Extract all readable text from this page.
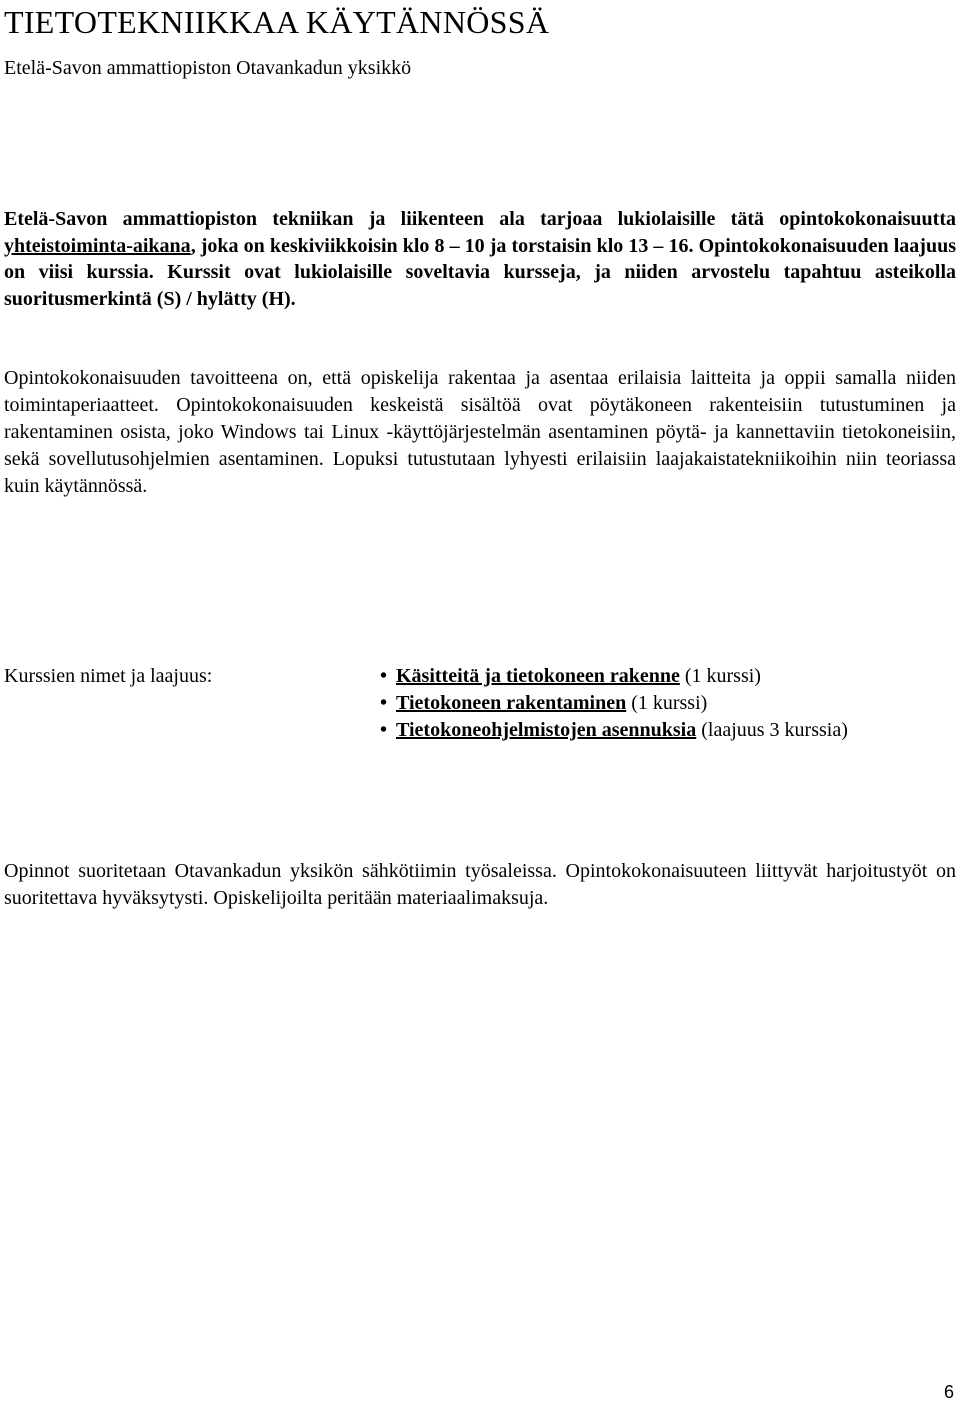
TIETOTEKNIIKKAA KÄYTÄNNÖSSÄ

Etelä-Savon ammattiopiston Otavankadun yksikkö

Etelä-Savon ammattiopiston tekniikan ja liikenteen ala tarjoaa lukiolaisille tätä opintokokonaisuutta yhteistoiminta-aikana, joka on keskiviikkoisin klo 8 – 10 ja torstaisin klo 13 – 16. Opintokokonaisuuden laajuus on viisi kurssia. Kurssit ovat lukiolaisille soveltavia kursseja, ja niiden arvostelu tapahtuu asteikolla suoritusmerkintä (S) / hylätty (H).

Opintokokonaisuuden tavoitteena on, että opiskelija rakentaa ja asentaa erilaisia laitteita ja oppii samalla niiden toimintaperiaatteet. Opintokokonaisuuden keskeistä sisältöä ovat pöytäkoneen rakenteisiin tutustuminen ja rakentaminen osista, joko Windows tai Linux -käyttöjärjestelmän asentaminen pöytä- ja kannettaviin tietokoneisiin, sekä sovellutusohjelmien asentaminen. Lopuksi tutustutaan lyhyesti erilaisiin laajakaistatekniikoihin niin teoriassa kuin käytännössä.

Kurssien nimet ja laajuus:	• Käsitteitä ja tietokoneen rakenne (1 kurssi)
• Tietokoneen rakentaminen (1 kurssi)
• Tietokoneohjelmistojen asennuksia (laajuus 3 kurssia)

Opinnot suoritetaan Otavankadun yksikön sähkötiimin työsaleissa. Opintokokonaisuuteen liittyvät harjoitustyöt on suoritettava hyväksytysti. Opiskelijoilta peritään materiaalimaksuja.

6
